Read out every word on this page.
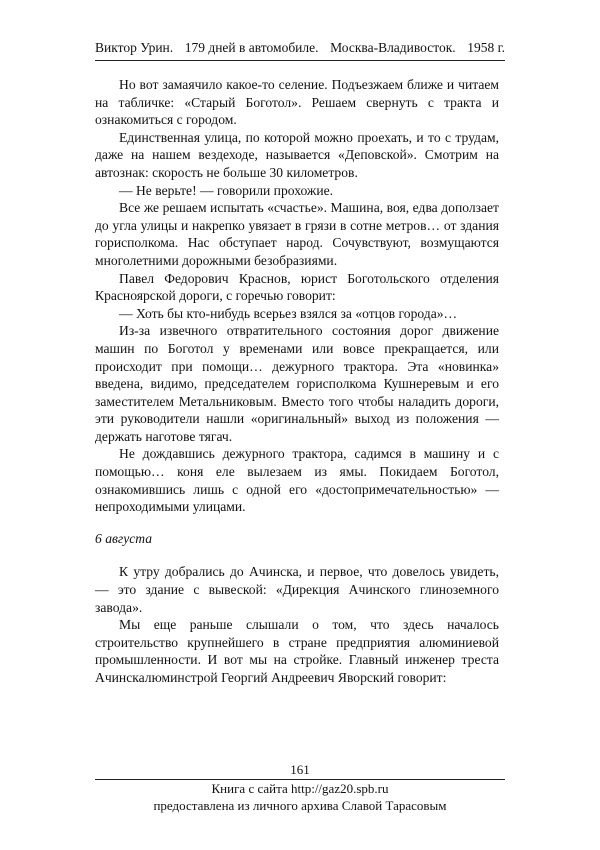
Виктор Урин. 179 дней в автомобиле. Москва-Владивосток. 1958 г.

Но вот замаячило какое-то селение. Подъезжаем ближе и читаем на табличке: «Старый Боготол». Решаем свернуть с тракта и ознакомиться с городом.

Единственная улица, по которой можно проехать, и то с трудам, даже на нашем вездеходе, называется «Деповской». Смотрим на автознак: скорость не больше 30 километров.

— Не верьте! — говорили прохожие.

Все же решаем испытать «счастье». Машина, воя, едва доползает до угла улицы и накрепко увязает в грязи в сотне метров… от здания горисполкома. Нас обступает народ. Сочувствуют, возмущаются многолетними дорожными безобразиями.

Павел Федорович Краснов, юрист Боготольского отделения Красноярской дороги, с горечью говорит:

— Хоть бы кто-нибудь всерьез взялся за «отцов города»…

Из-за извечного отвратительного состояния дорог движение машин по Боготол у временами или вовсе прекращается, или происходит при помощи… дежурного трактора. Эта «новинка» введена, видимо, председателем горисполкома Кушнеревым и его заместителем Метальниковым. Вместо того чтобы наладить дороги, эти руководители нашли «оригинальный» выход из положения — держать наготове тягач.

Не дождавшись дежурного трактора, садимся в машину и с помощью… коня еле вылезаем из ямы. Покидаем Боготол, ознакомившись лишь с одной его «достопримечательностью» — непроходимыми улицами.

6 августа

К утру добрались до Ачинска, и первое, что довелось увидеть, — это здание с вывеской: «Дирекция Ачинского глиноземного завода».

Мы еще раньше слышали о том, что здесь началось строительство крупнейшего в стране предприятия алюминиевой промышленности. И вот мы на стройке. Главный инженер треста Ачинскалюминстрой Георгий Андреевич Яворский говорит:

161
Книга с сайта http://gaz20.spb.ru
предоставлена из личного архива Славой Тарасовым
